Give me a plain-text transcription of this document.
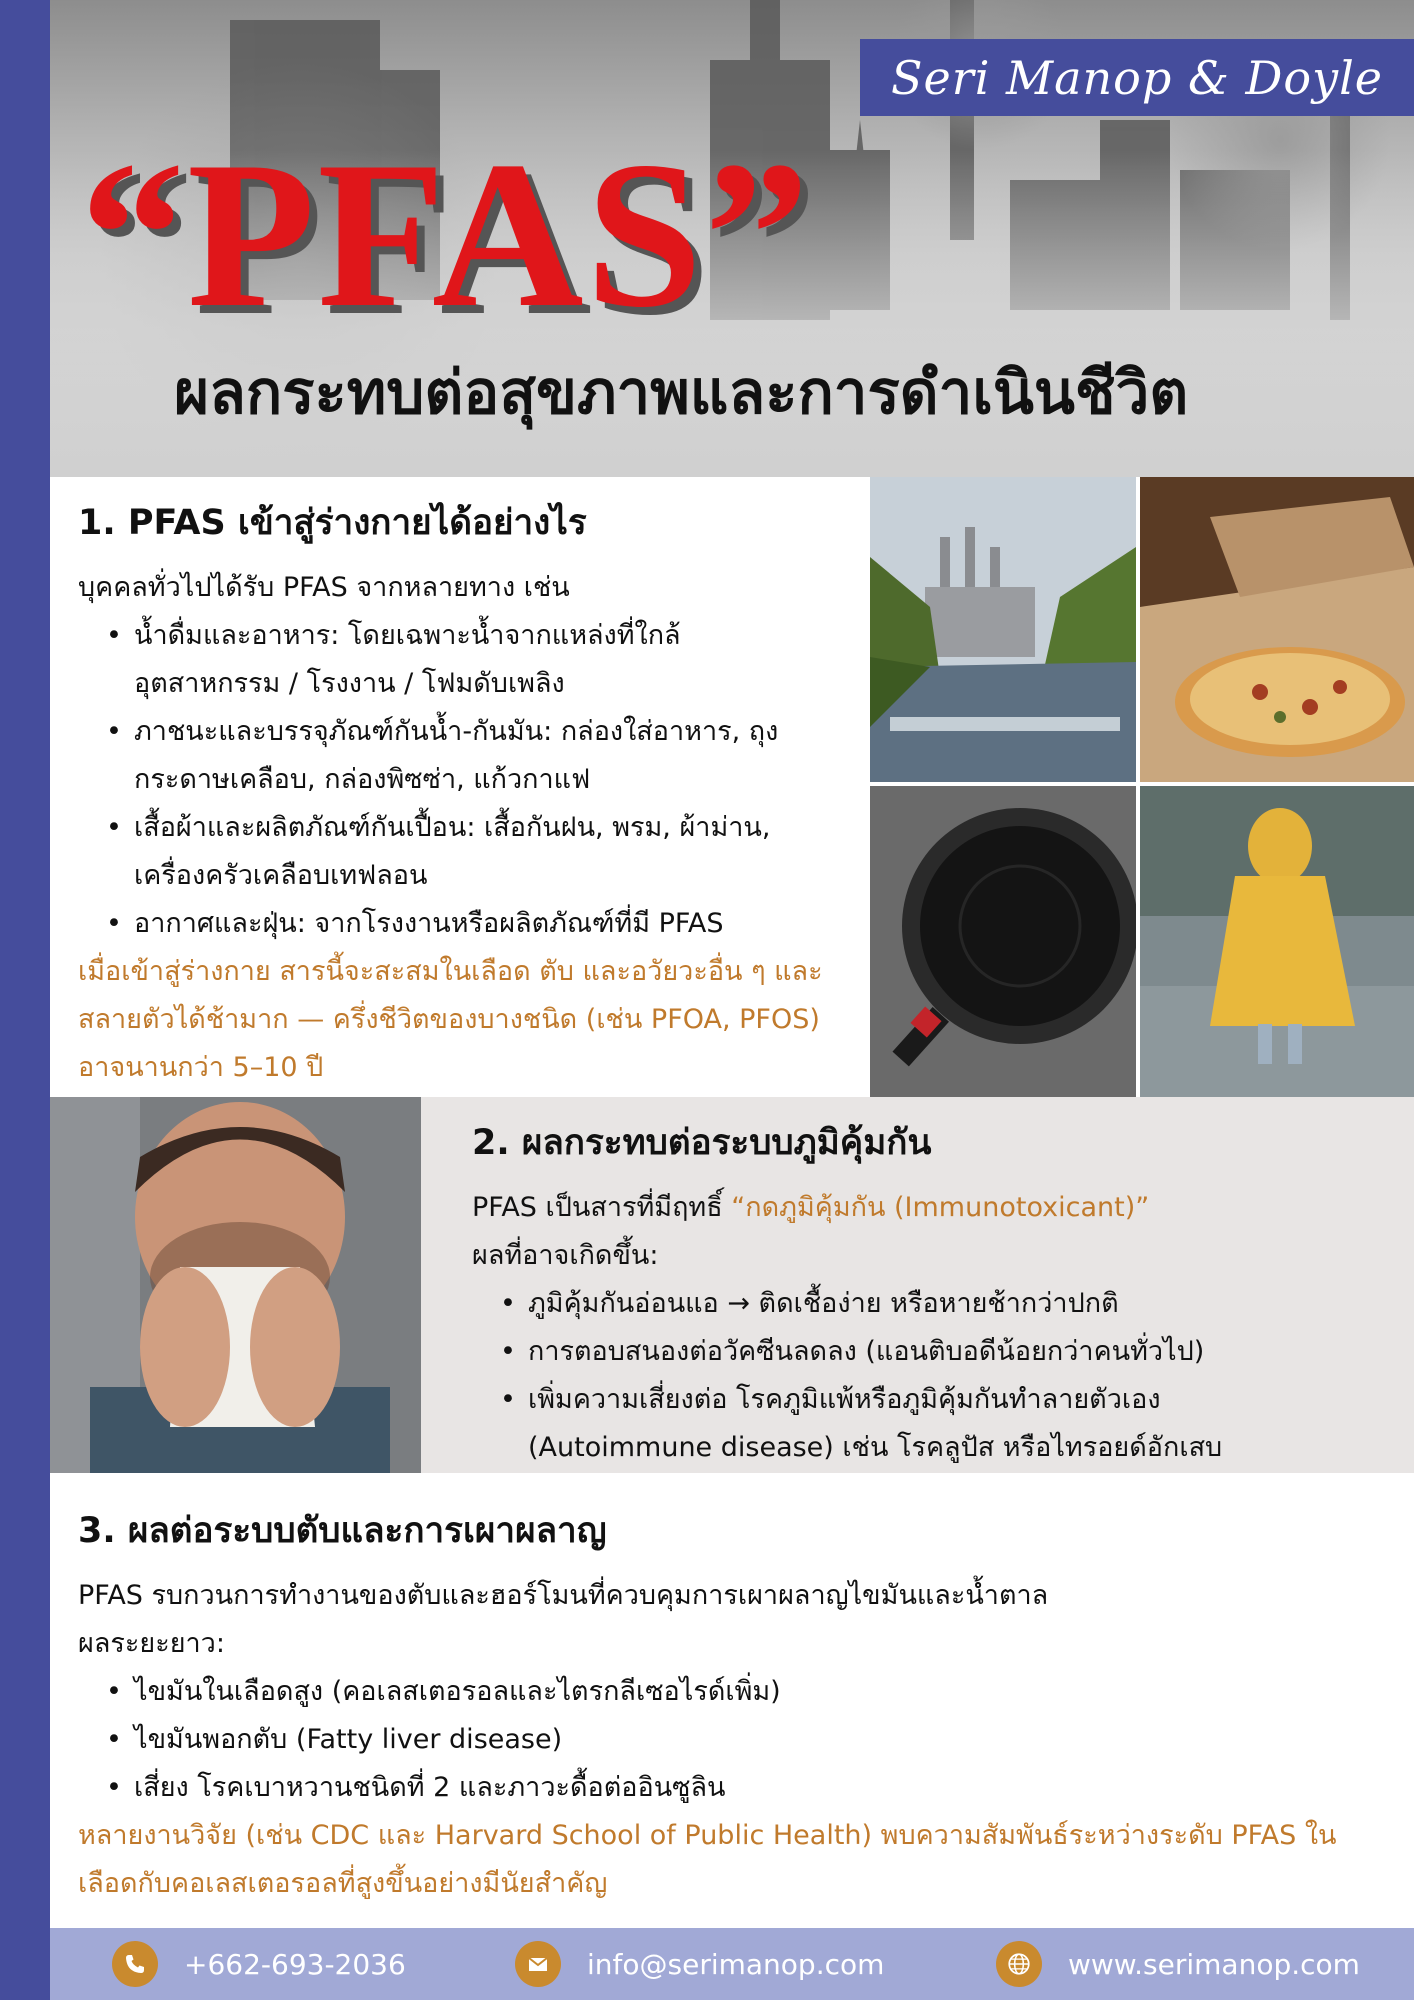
Seri Manop & Doyle
“PFAS”
ผลกระทบต่อสุขภาพและการดำเนินชีวิต
1. PFAS เข้าสู่ร่างกายได้อย่างไร
บุคคลทั่วไปได้รับ PFAS จากหลายทาง เช่น
• น้ำดื่มและอาหาร: โดยเฉพาะน้ำจากแหล่งที่ใกล้อุตสาหกรรม / โรงงาน / โฟมดับเพลิง
• ภาชนะและบรรจุภัณฑ์กันน้ำ-กันมัน: กล่องใส่อาหาร, ถุงกระดาษเคลือบ, กล่องพิซซ่า, แก้วกาแฟ
• เสื้อผ้าและผลิตภัณฑ์กันเปื้อน: เสื้อกันฝน, พรม, ผ้าม่าน, เครื่องครัวเคลือบเทฟลอน
• อากาศและฝุ่น: จากโรงงานหรือผลิตภัณฑ์ที่มี PFAS
เมื่อเข้าสู่ร่างกาย สารนี้จะสะสมในเลือด ตับ และอวัยวะอื่น ๆ และสลายตัวได้ช้ามาก — ครึ่งชีวิตของบางชนิด (เช่น PFOA, PFOS) อาจนานกว่า 5–10 ปี
2. ผลกระทบต่อระบบภูมิคุ้มกัน
PFAS เป็นสารที่มีฤทธิ์ “กดภูมิคุ้มกัน (Immunotoxicant)”
ผลที่อาจเกิดขึ้น:
• ภูมิคุ้มกันอ่อนแอ → ติดเชื้อง่าย หรือหายช้ากว่าปกติ
• การตอบสนองต่อวัคซีนลดลง (แอนติบอดีน้อยกว่าคนทั่วไป)
• เพิ่มความเสี่ยงต่อ โรคภูมิแพ้หรือภูมิคุ้มกันทำลายตัวเอง (Autoimmune disease) เช่น โรคลูปัส หรือไทรอยด์อักเสบ
3. ผลต่อระบบตับและการเผาผลาญ
PFAS รบกวนการทำงานของตับและฮอร์โมนที่ควบคุมการเผาผลาญไขมันและน้ำตาล
ผลระยะยาว:
• ไขมันในเลือดสูง (คอเลสเตอรอลและไตรกลีเซอไรด์เพิ่ม)
• ไขมันพอกตับ (Fatty liver disease)
• เสี่ยง โรคเบาหวานชนิดที่ 2 และภาวะดื้อต่ออินซูลิน
หลายงานวิจัย (เช่น CDC และ Harvard School of Public Health) พบความสัมพันธ์ระหว่างระดับ PFAS ในเลือดกับคอเลสเตอรอลที่สูงขึ้นอย่างมีนัยสำคัญ
+662-693-2036	info@serimanop.com	www.serimanop.com
